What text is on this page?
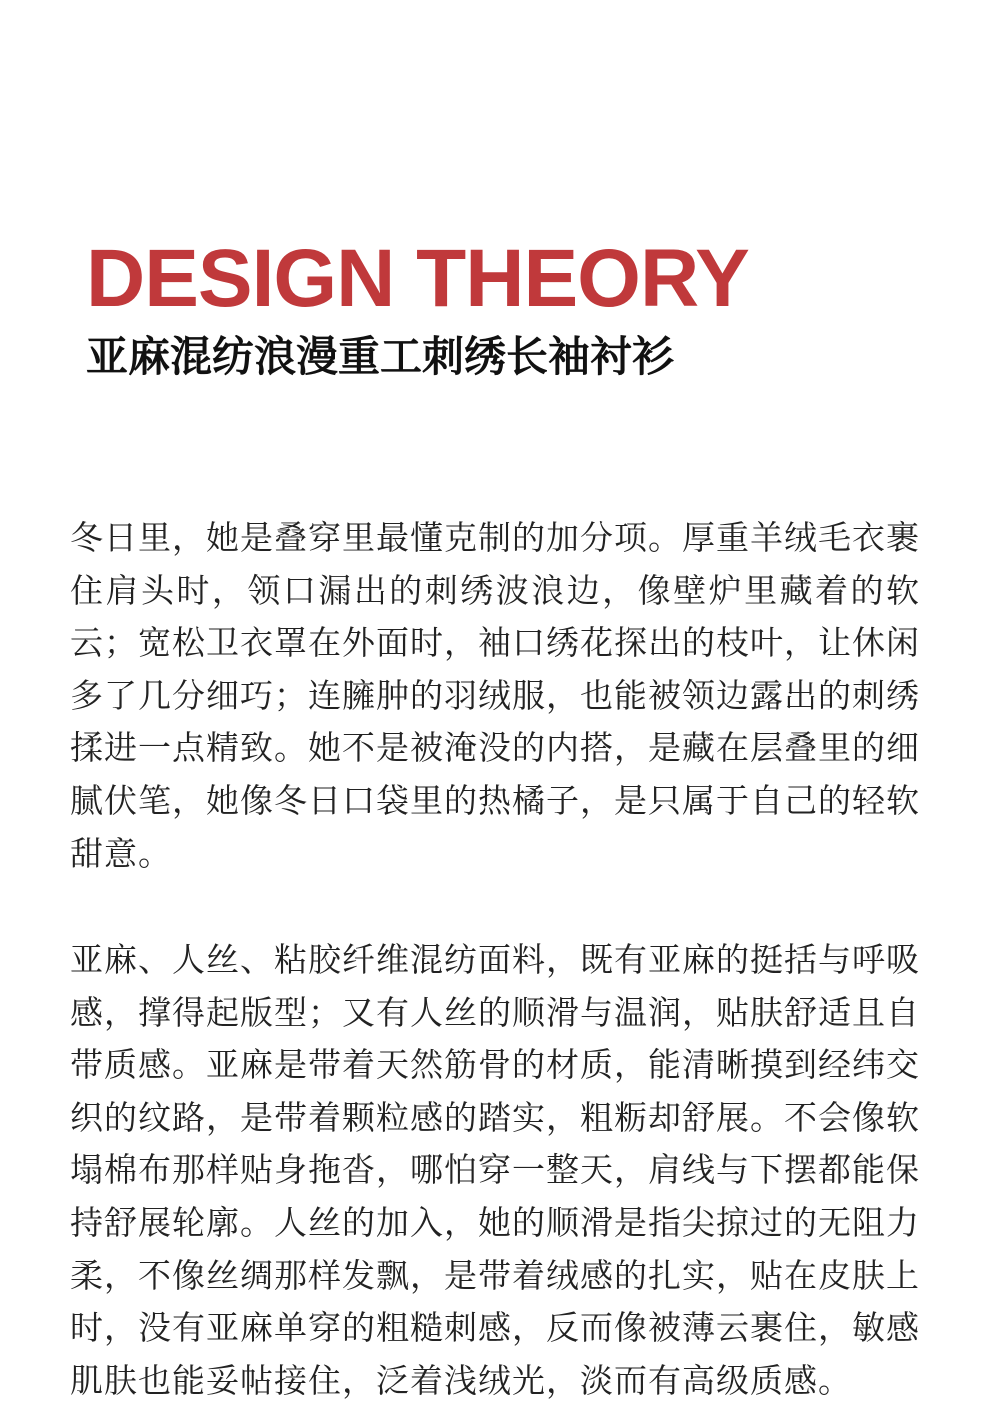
DESIGN THEORY
亚麻混纺浪漫重工刺绣长袖衬衫

冬日里，她是叠穿里最懂克制的加分项。厚重羊绒毛衣裹住肩头时，领口漏出的刺绣波浪边，像壁炉里藏着的软云；宽松卫衣罩在外面时，袖口绣花探出的枝叶，让休闲多了几分细巧；连臃肿的羽绒服，也能被领边露出的刺绣揉进一点精致。她不是被淹没的内搭，是藏在层叠里的细腻伏笔，她像冬日口袋里的热橘子，是只属于自己的轻软甜意。

亚麻、人丝、粘胶纤维混纺面料，既有亚麻的挺括与呼吸感，撑得起版型；又有人丝的顺滑与温润，贴肤舒适且自带质感。亚麻是带着天然筋骨的材质，能清晰摸到经纬交织的纹路，是带着颗粒感的踏实，粗粝却舒展。不会像软塌棉布那样贴身拖沓，哪怕穿一整天，肩线与下摆都能保持舒展轮廓。人丝的加入，她的顺滑是指尖掠过的无阻力柔，不像丝绸那样发飘，是带着绒感的扎实，贴在皮肤上时，没有亚麻单穿的粗糙刺感，反而像被薄云裹住，敏感肌肤也能妥帖接住，泛着浅绒光，淡而有高级质感。
